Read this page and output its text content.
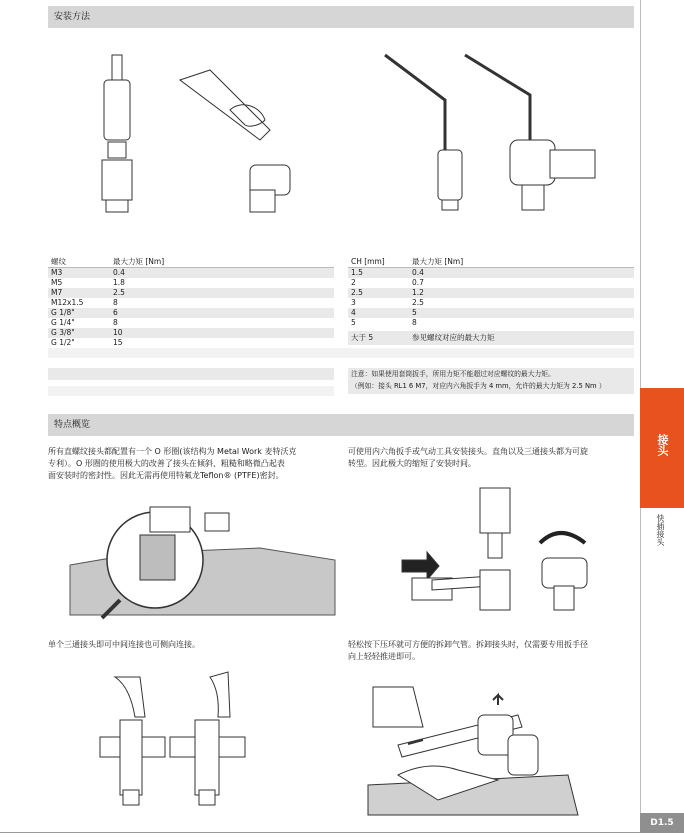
接头
快插接头
D1.5
安装方法
螺纹	最大力矩 [Nm]
M3	0.4
M5	1.8
M7	2.5
M12x1.5	8
G 1/8"	6
G 1/4"	8
G 3/8"	10
G 1/2"	15
CH [mm]	最大力矩 [Nm]
1.5	0.4
2	0.7
2.5	1.2
3	2.5
4	5
5	8
大于 5	参见螺纹对应的最大力矩
注意：如果使用套筒扳手，所用力矩不能超过对应螺纹的最大力矩。
（例如：接头 RL1 6 M7，对应内六角扳手为 4 mm，允许的最大力矩为 2.5 Nm ）
特点概览
所有直螺纹接头都配置有一个 O 形圈(该结构为 Metal Work 麦特沃克
专利）。O 形圈的使用极大的改善了接头在倾斜、粗糙和略微凸起表
面安装时的密封性。因此无需再使用特氟龙Teflon® (PTFE)密封。
可使用内六角扳手或气动工具安装接头。直角以及三通接头都为可旋
转型。因此极大的缩短了安装时间。
单个三通接头即可中间连接也可侧向连接。	轻松按下压环就可方便的拆卸气管。拆卸接头时，仅需要专用扳手径
向上轻轻推进即可。
